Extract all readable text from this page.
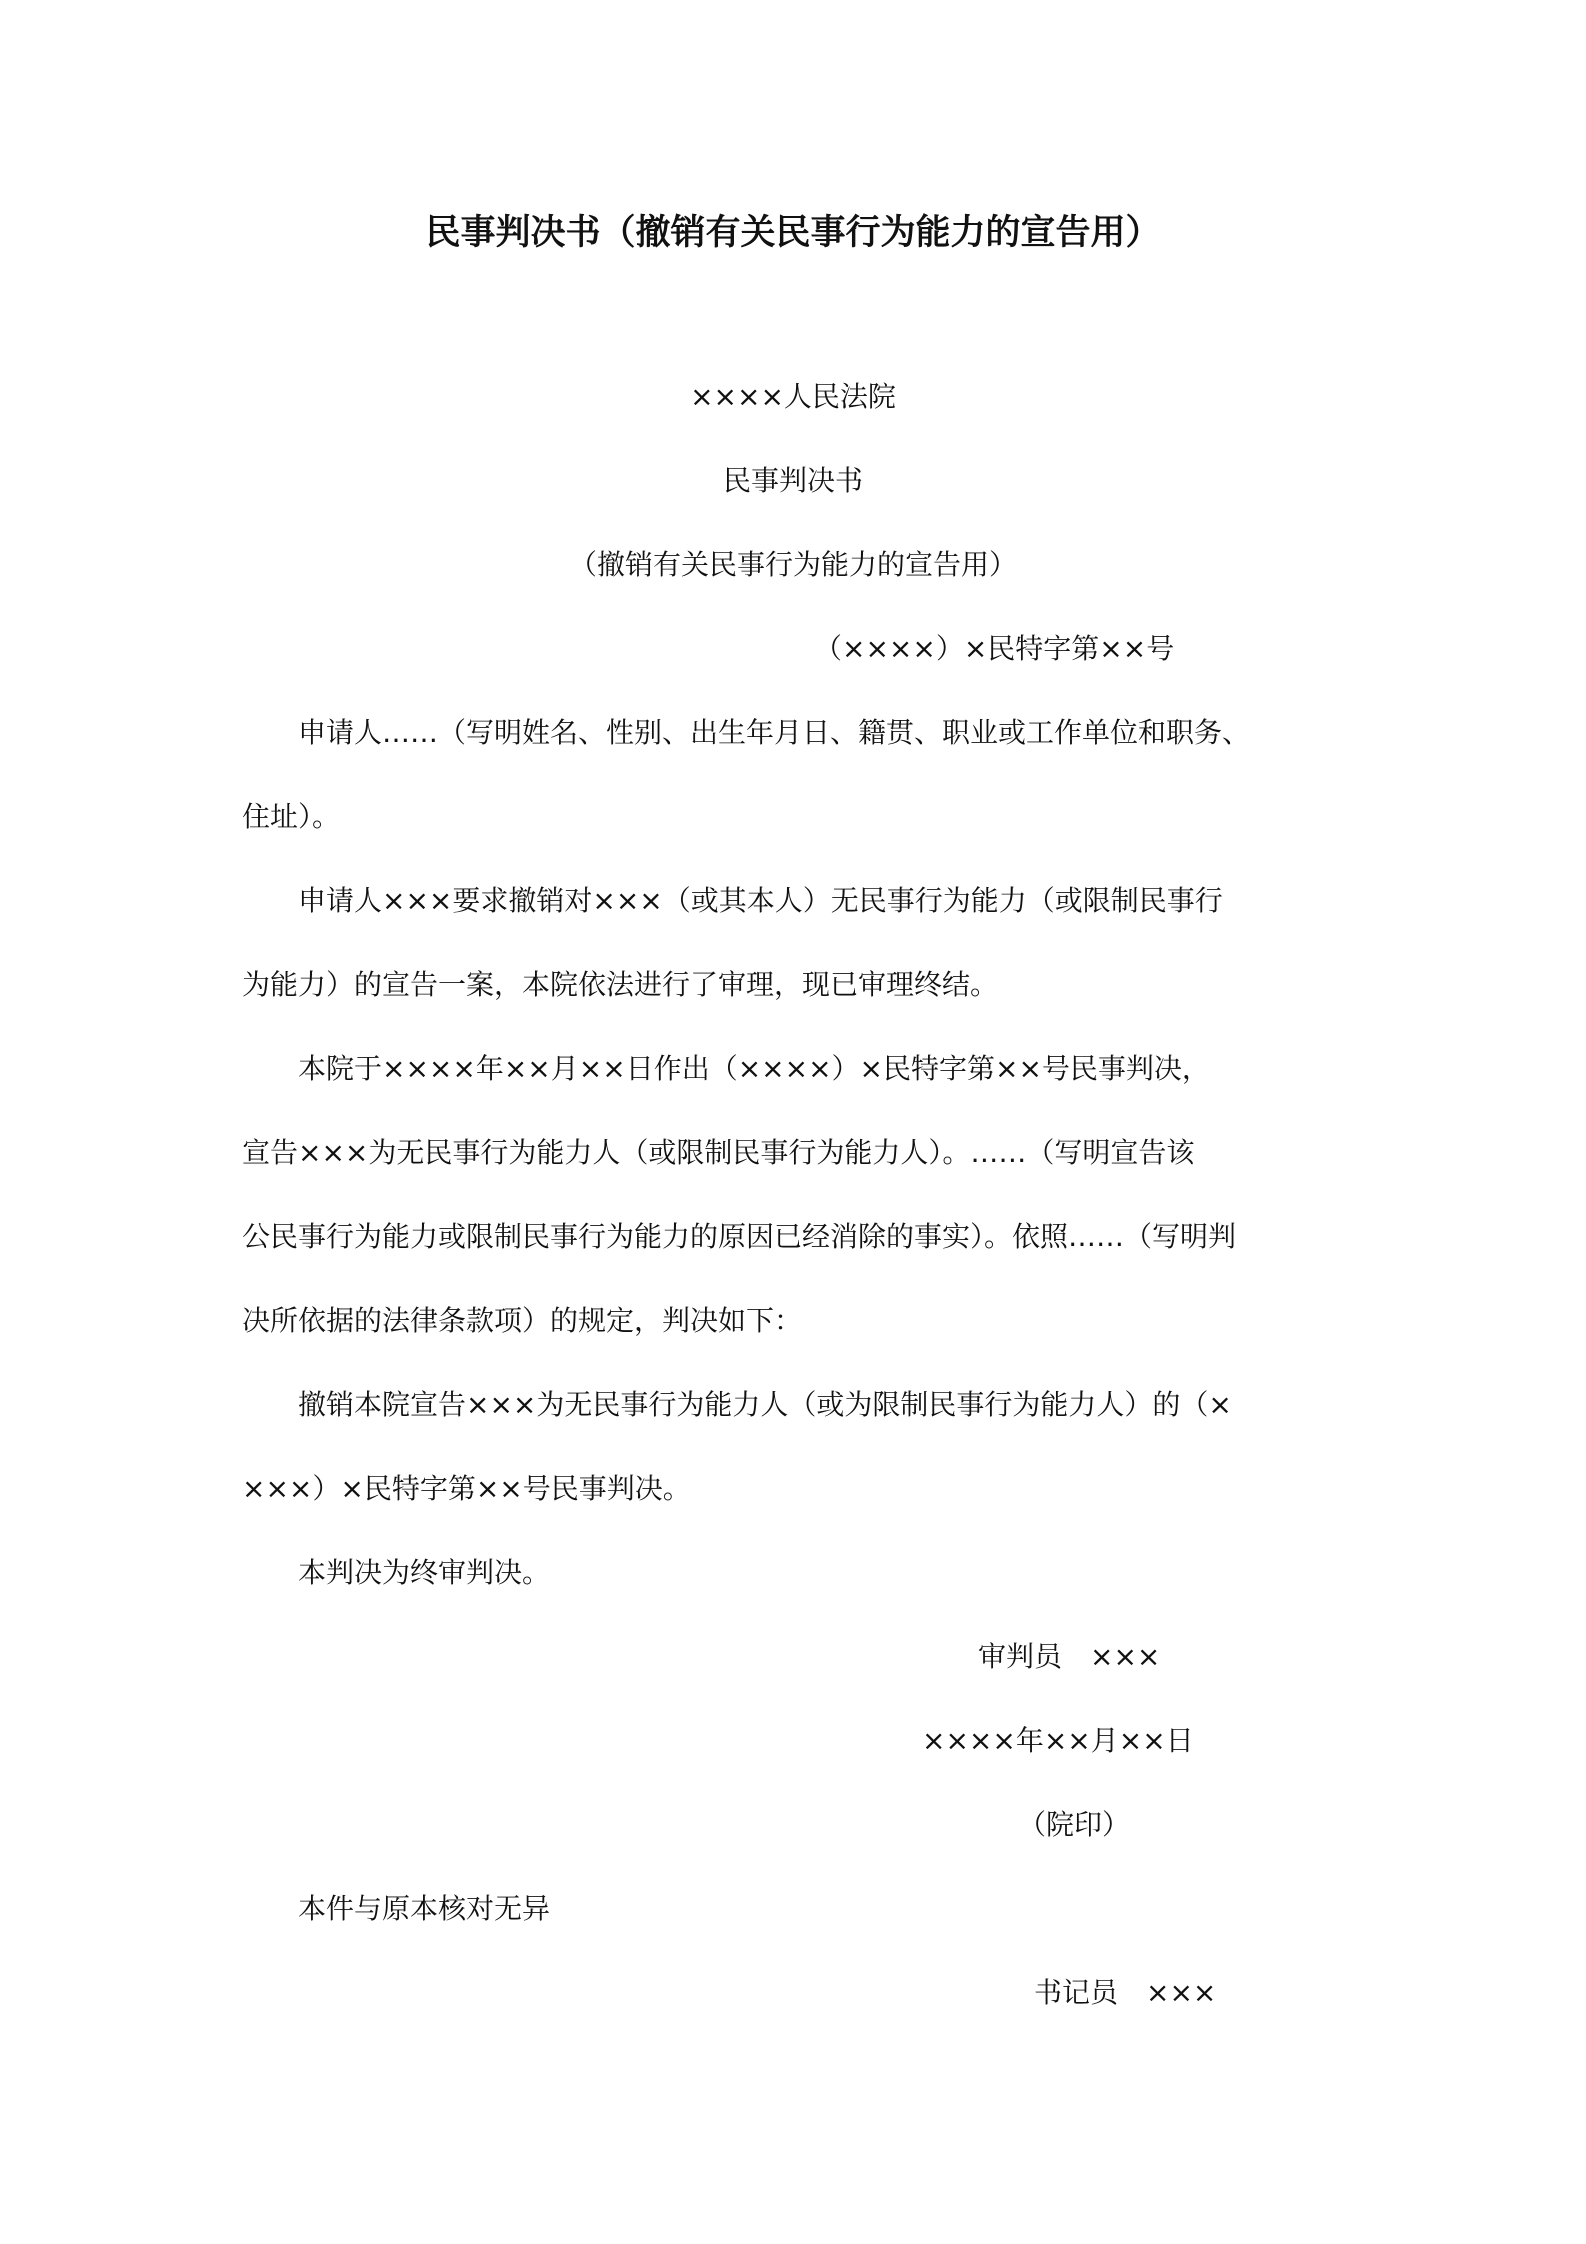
民事判决书（撤销有关民事行为能力的宣告用）
××××人民法院
民事判决书
（撤销有关民事行为能力的宣告用）
（××××）×民特字第××号
申请人……（写明姓名、性别、出生年月日、籍贯、职业或工作单位和职务、
住址）。
申请人×××要求撤销对×××（或其本人）无民事行为能力（或限制民事行
为能力）的宣告一案，本院依法进行了审理，现已审理终结。
本院于××××年××月××日作出（××××）×民特字第××号民事判决，
宣告×××为无民事行为能力人（或限制民事行为能力人）。……（写明宣告该
公民事行为能力或限制民事行为能力的原因已经消除的事实）。依照……（写明判
决所依据的法律条款项）的规定，判决如下：
撤销本院宣告×××为无民事行为能力人（或为限制民事行为能力人）的（×
×××）×民特字第××号民事判决。
本判决为终审判决。
审判员　×××
××××年××月××日
（院印）
本件与原本核对无异
书记员　×××
